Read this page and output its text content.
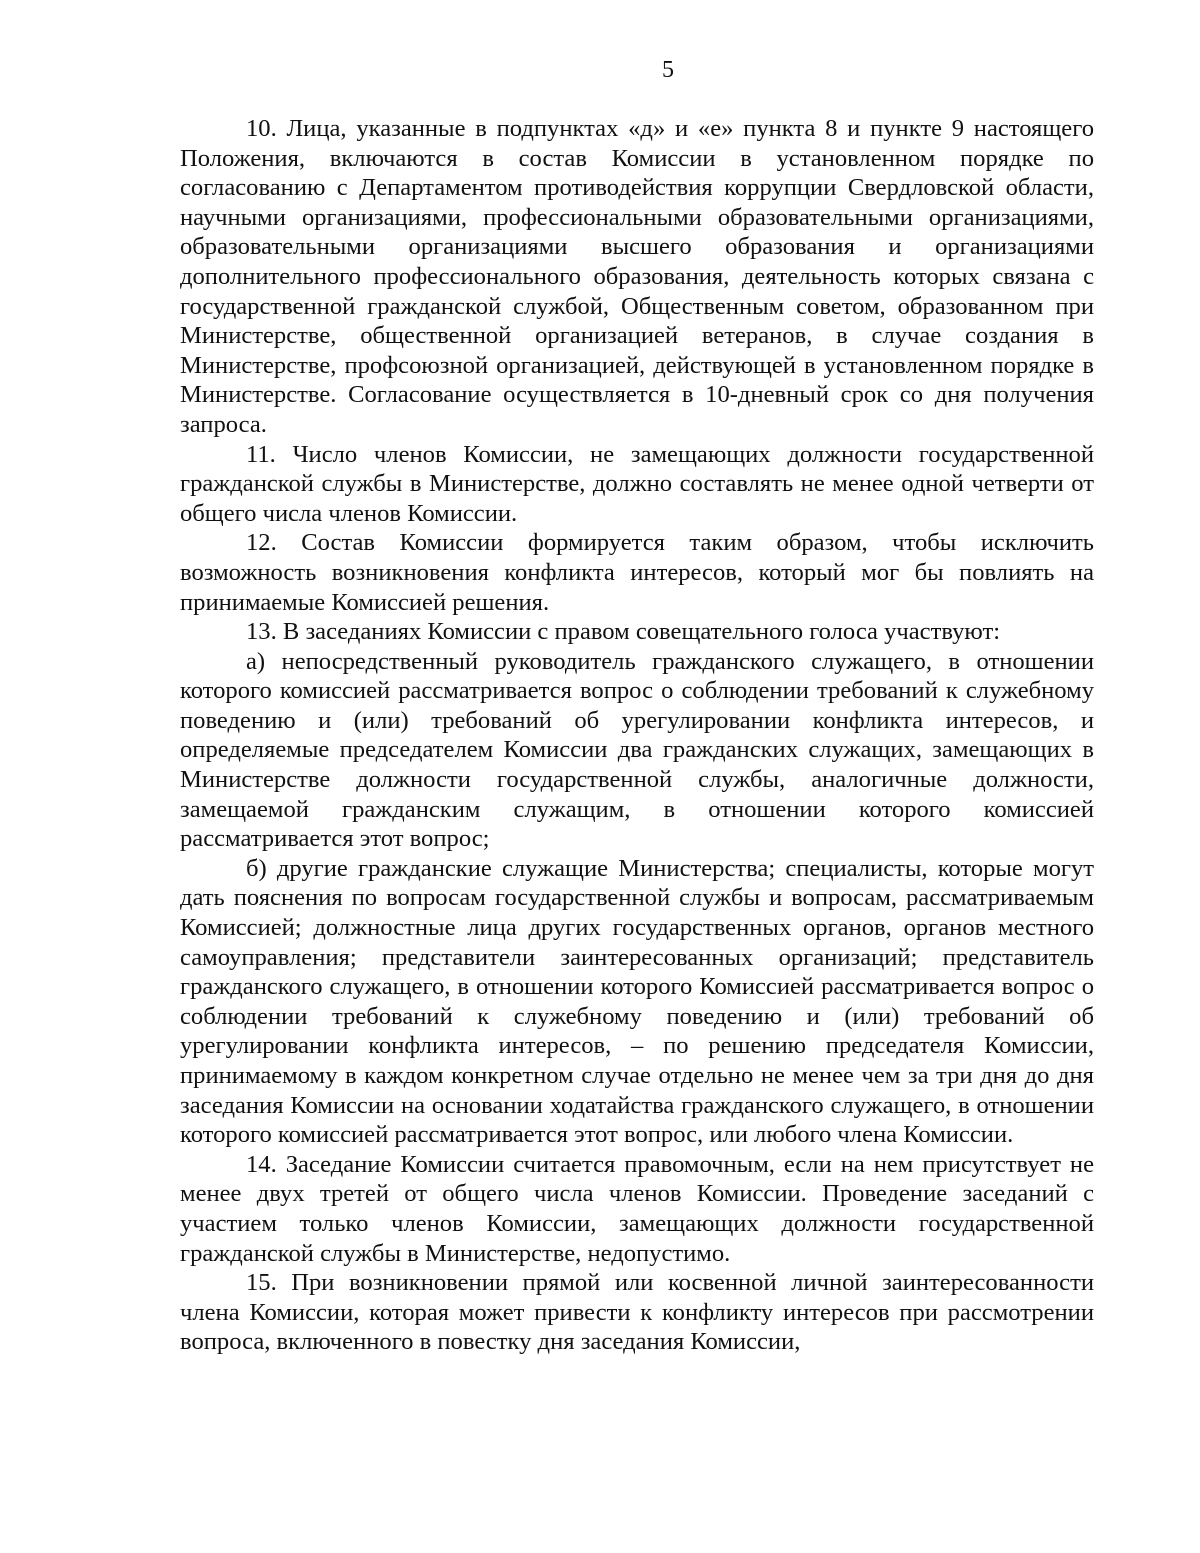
5

10. Лица, указанные в подпунктах «д» и «е» пункта 8 и пункте 9 настоящего Положения, включаются в состав Комиссии в установленном порядке по согласованию с Департаментом противодействия коррупции Свердловской области, научными организациями, профессиональными образовательными организациями, образовательными организациями высшего образования и организациями дополнительного профессионального образования, деятельность которых связана с государственной гражданской службой, Общественным советом, образованном при Министерстве, общественной организацией ветеранов, в случае создания в Министерстве, профсоюзной организацией, действующей в установленном порядке в Министерстве. Согласование осуществляется в 10-дневный срок со дня получения запроса.

11. Число членов Комиссии, не замещающих должности государственной гражданской службы в Министерстве, должно составлять не менее одной четверти от общего числа членов Комиссии.

12. Состав Комиссии формируется таким образом, чтобы исключить возможность возникновения конфликта интересов, который мог бы повлиять на принимаемые Комиссией решения.

13. В заседаниях Комиссии с правом совещательного голоса участвуют:

а) непосредственный руководитель гражданского служащего, в отношении которого комиссией рассматривается вопрос о соблюдении требований к служебному поведению и (или) требований об урегулировании конфликта интересов, и определяемые председателем Комиссии два гражданских служащих, замещающих в Министерстве должности государственной службы, аналогичные должности, замещаемой гражданским служащим, в отношении которого комиссией рассматривается этот вопрос;

б) другие гражданские служащие Министерства; специалисты, которые могут дать пояснения по вопросам государственной службы и вопросам, рассматриваемым Комиссией; должностные лица других государственных органов, органов местного самоуправления; представители заинтересованных организаций; представитель гражданского служащего, в отношении которого Комиссией рассматривается вопрос о соблюдении требований к служебному поведению и (или) требований об урегулировании конфликта интересов, – по решению председателя Комиссии, принимаемому в каждом конкретном случае отдельно не менее чем за три дня до дня заседания Комиссии на основании ходатайства гражданского служащего, в отношении которого комиссией рассматривается этот вопрос, или любого члена Комиссии.

14. Заседание Комиссии считается правомочным, если на нем присутствует не менее двух третей от общего числа членов Комиссии. Проведение заседаний с участием только членов Комиссии, замещающих должности государственной гражданской службы в Министерстве, недопустимо.

15. При возникновении прямой или косвенной личной заинтересованности члена Комиссии, которая может привести к конфликту интересов при рассмотрении вопроса, включенного в повестку дня заседания Комиссии,
